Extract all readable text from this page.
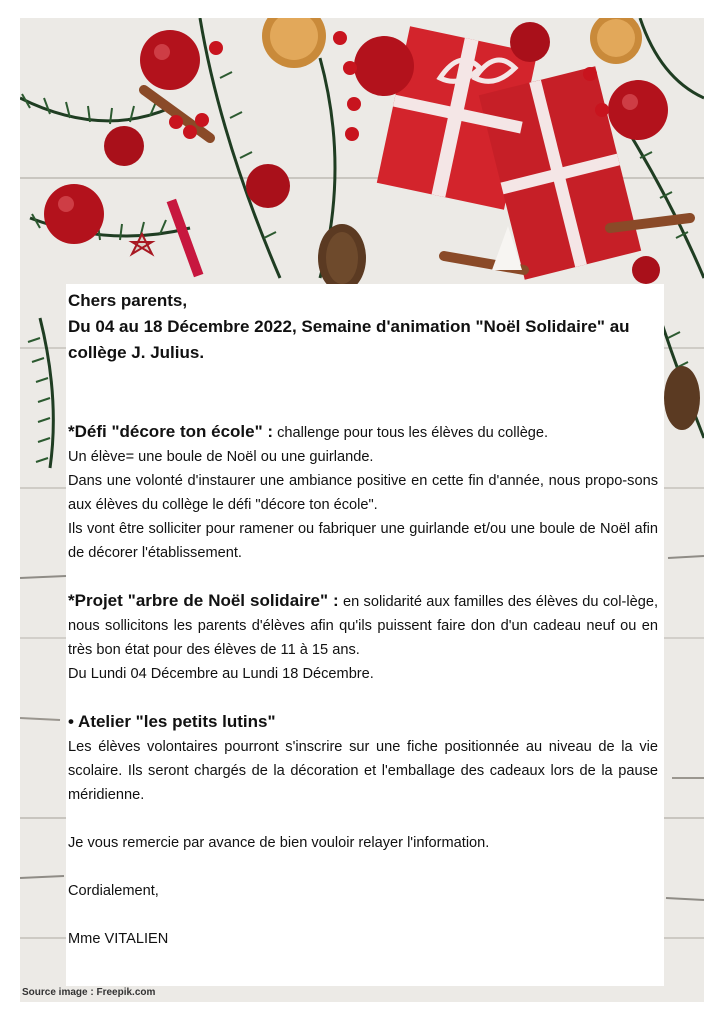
Chers parents,

Du 04 au 18 Décembre 2022, Semaine d'animation "Noël Solidaire" au collège J. Julius.

*Défi "décore ton école" : challenge pour tous les élèves du collège.

Un élève= une boule de Noël ou une guirlande.

Dans une volonté d'instaurer une ambiance positive en cette fin d'année, nous propo-sons aux élèves du collège le défi "décore ton école".

Ils vont être solliciter pour ramener ou fabriquer une guirlande et/ou une boule de Noël afin de décorer l'établissement.

*Projet "arbre de Noël solidaire" : en solidarité aux familles des élèves du col-lège, nous sollicitons les parents d'élèves afin qu'ils puissent faire don d'un cadeau neuf ou en très bon état pour des élèves de 11 à 15 ans.

Du Lundi 04 Décembre au Lundi 18 Décembre.

• Atelier "les petits lutins"

Les élèves volontaires pourront s'inscrire sur une fiche positionnée au niveau de la vie scolaire. Ils seront chargés de la décoration et l'emballage des cadeaux lors de la pause méridienne.

Je vous remercie par avance de bien vouloir relayer l'information.

Cordialement,

Mme VITALIEN

Source image : Freepik.com
